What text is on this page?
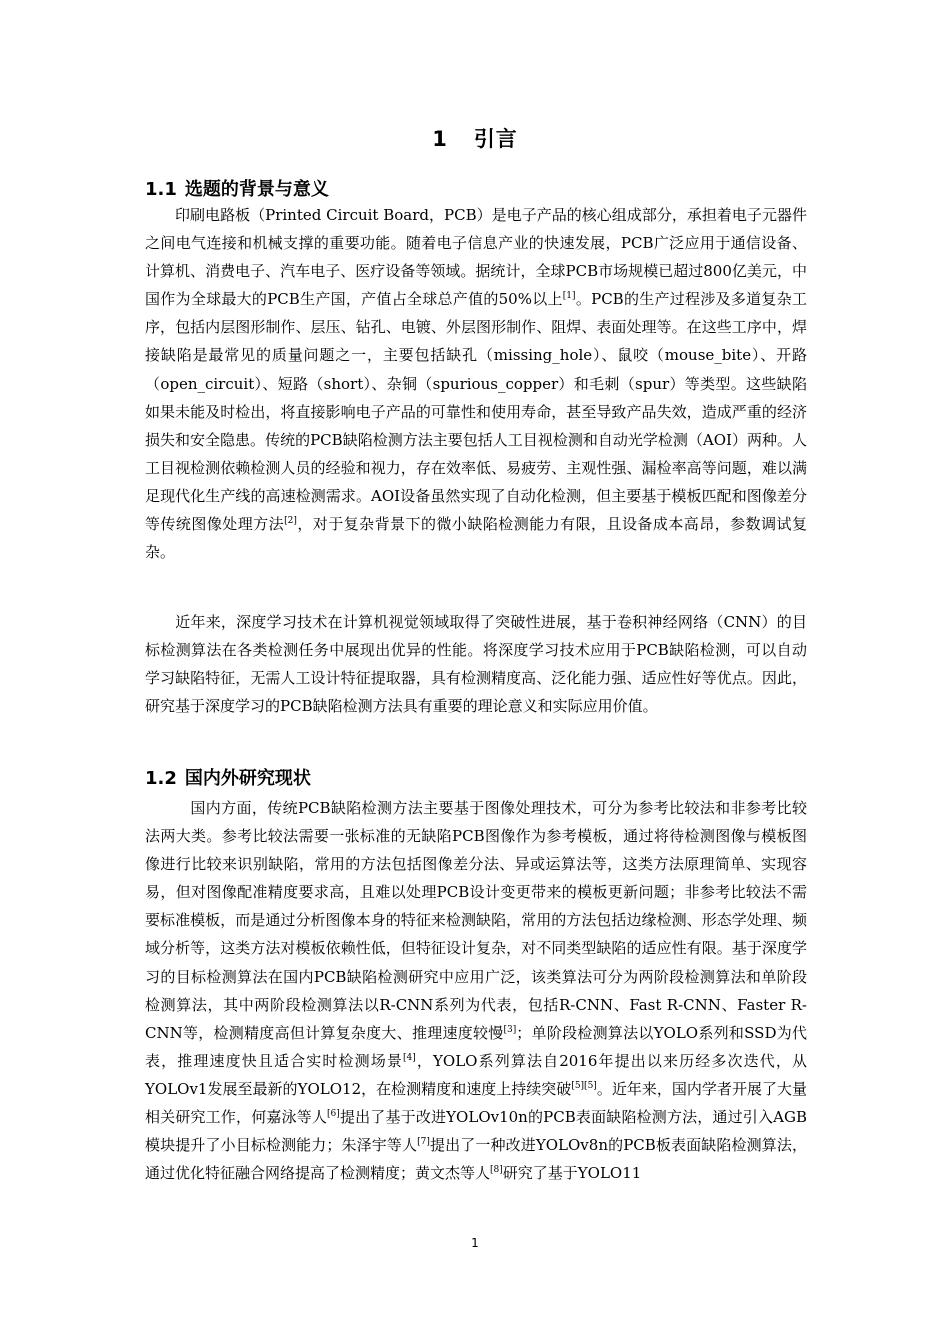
1 引言
1.1 选题的背景与意义

印刷电路板（Printed Circuit Board，PCB）是电子产品的核心组成部分，承担着电子元器件之间电气连接和机械支撑的重要功能。随着电子信息产业的快速发展，PCB广泛应用于通信设备、计算机、消费电子、汽车电子、医疗设备等领域。据统计，全球PCB市场规模已超过800亿美元，中国作为全球最大的PCB生产国，产值占全球总产值的50%以上[1]。PCB的生产过程涉及多道复杂工序，包括内层图形制作、层压、钻孔、电镀、外层图形制作、阻焊、表面处理等。在这些工序中，焊接缺陷是最常见的质量问题之一，主要包括缺孔（missing_hole）、鼠咬（mouse_bite）、开路（open_circuit）、短路（short）、杂铜（spurious_copper）和毛刺（spur）等类型。这些缺陷如果未能及时检出，将直接影响电子产品的可靠性和使用寿命，甚至导致产品失效，造成严重的经济损失和安全隐患。传统的PCB缺陷检测方法主要包括人工目视检测和自动光学检测（AOI）两种。人工目视检测依赖检测人员的经验和视力，存在效率低、易疲劳、主观性强、漏检率高等问题，难以满足现代化生产线的高速检测需求。AOI设备虽然实现了自动化检测，但主要基于模板匹配和图像差分等传统图像处理方法[2]，对于复杂背景下的微小缺陷检测能力有限，且设备成本高昂，参数调试复杂。

近年来，深度学习技术在计算机视觉领域取得了突破性进展，基于卷积神经网络（CNN）的目标检测算法在各类检测任务中展现出优异的性能。将深度学习技术应用于PCB缺陷检测，可以自动学习缺陷特征，无需人工设计特征提取器，具有检测精度高、泛化能力强、适应性好等优点。因此，研究基于深度学习的PCB缺陷检测方法具有重要的理论意义和实际应用价值。

1.2 国内外研究现状

国内方面，传统PCB缺陷检测方法主要基于图像处理技术，可分为参考比较法和非参考比较法两大类。参考比较法需要一张标准的无缺陷PCB图像作为参考模板，通过将待检测图像与模板图像进行比较来识别缺陷，常用的方法包括图像差分法、异或运算法等，这类方法原理简单、实现容易，但对图像配准精度要求高，且难以处理PCB设计变更带来的模板更新问题；非参考比较法不需要标准模板，而是通过分析图像本身的特征来检测缺陷，常用的方法包括边缘检测、形态学处理、频域分析等，这类方法对模板依赖性低，但特征设计复杂，对不同类型缺陷的适应性有限。基于深度学习的目标检测算法在国内PCB缺陷检测研究中应用广泛，该类算法可分为两阶段检测算法和单阶段检测算法，其中两阶段检测算法以R-CNN系列为代表，包括R-CNN、Fast R-CNN、Faster R-CNN等，检测精度高但计算复杂度大、推理速度较慢[3]；单阶段检测算法以YOLO系列和SSD为代表，推理速度快且适合实时检测场景[4]，YOLO系列算法自2016年提出以来历经多次迭代，从YOLOv1发展至最新的YOLO12，在检测精度和速度上持续突破[5][5]。近年来，国内学者开展了大量相关研究工作，何嘉泳等人[6]提出了基于改进YOLOv10n的PCB表面缺陷检测方法，通过引入AGB模块提升了小目标检测能力；朱泽宇等人[7]提出了一种改进YOLOv8n的PCB板表面缺陷检测算法，通过优化特征融合网络提高了检测精度；黄文杰等人[8]研究了基于YOLO11

1
